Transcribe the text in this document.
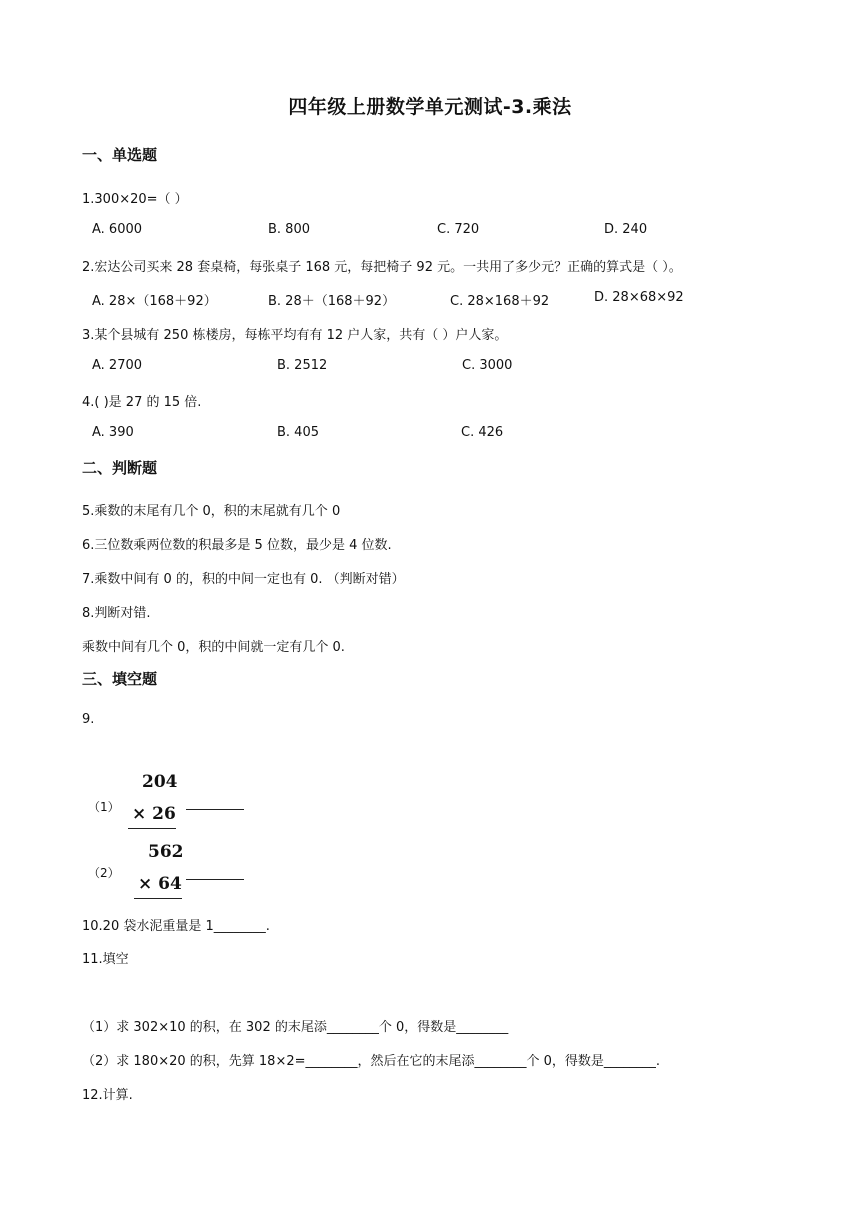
四年级上册数学单元测试-3.乘法
一、单选题
1.300×20=（ ）
A. 6000	B. 800	C. 720	D. 240
2.宏达公司买来 28 套桌椅，每张桌子 168 元，每把椅子 92 元。一共用了多少元？正确的算式是（ ）。
A. 28×（168＋92）	B. 28＋（168＋92）	C. 28×168＋92	D. 28×68×92
3.某个县城有 250 栋楼房，每栋平均有有 12 户人家，共有（ ）户人家。
A. 2700	B. 2512	C. 3000
4.( )是 27 的 15 倍.
A. 390	B. 405	C. 426
二、判断题
5.乘数的末尾有几个 0，积的末尾就有几个 0
6.三位数乘两位数的积最多是 5 位数，最少是 4 位数.
7.乘数中间有 0 的，积的中间一定也有 0. （判断对错）
8.判断对错.
乘数中间有几个 0，积的中间就一定有几个 0.
三、填空题
9.
（1）
204
× 26
（2）
562
× 64
10.20 袋水泥重量是 1________.
11.填空
（1）求 302×10 的积，在 302 的末尾添________个 0，得数是________
（2）求 180×20 的积，先算 18×2=________，然后在它的末尾添________个 0，得数是________.
12.计算.
